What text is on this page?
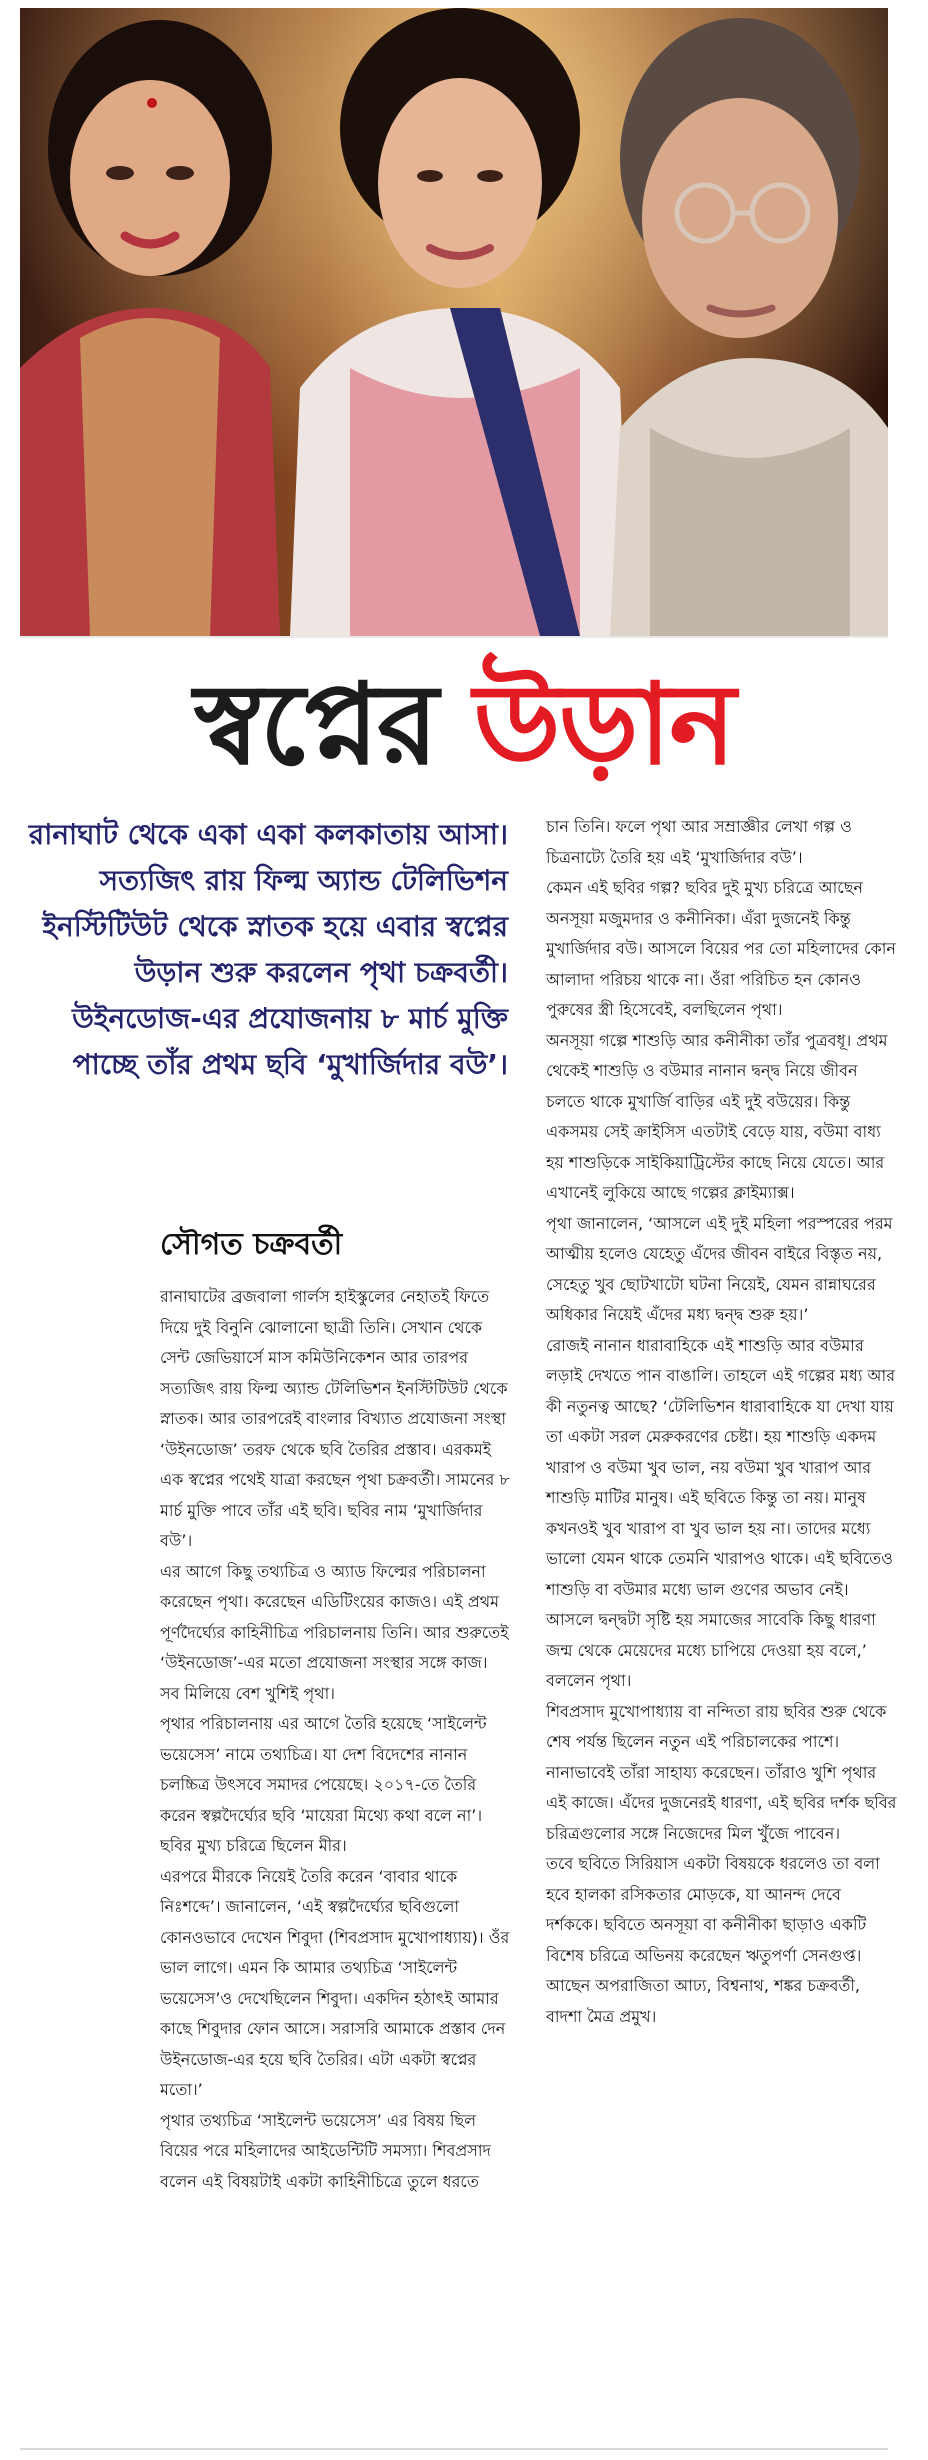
স্বপ্নের উড়ান

রানাঘাট থেকে একা একা কলকাতায় আসা। সত্যজিৎ রায় ফিল্ম অ্যান্ড টেলিভিশন ইনস্টিটিউট থেকে স্নাতক হয়ে এবার স্বপ্নের উড়ান শুরু করলেন পৃথা চক্রবর্তী। উইনডোজ-এর প্রযোজনায় ৮ মার্চ মুক্তি পাচ্ছে তাঁর প্রথম ছবি ‘মুখার্জিদার বউ’।

সৌগত চক্রবর্তী

রানাঘাটের ব্রজবালা গার্লস হাইস্কুলের নেহাতই ফিতে দিয়ে দুই বিনুনি ঝোলানো ছাত্রী তিনি। সেখান থেকে সেন্ট জেভিয়ার্সে মাস কমিউনিকেশন আর তারপর সত্যজিৎ রায় ফিল্ম অ্যান্ড টেলিভিশন ইনস্টিটিউট থেকে স্নাতক। আর তারপরেই বাংলার বিখ্যাত প্রযোজনা সংস্থা ‘উইনডোজ’ তরফ থেকে ছবি তৈরির প্রস্তাব। এরকমই এক স্বপ্নের পথেই যাত্রা করছেন পৃথা চক্রবর্তী। সামনের ৮ মার্চ মুক্তি পাবে তাঁর এই ছবি। ছবির নাম ‘মুখার্জিদার বউ’।

এর আগে কিছু তথ্যচিত্র ও অ্যাড ফিল্মের পরিচালনা করেছেন পৃথা। করেছেন এডিটিংয়ের কাজও। এই প্রথম পূর্ণদৈর্ঘ্যের কাহিনীচিত্র পরিচালনায় তিনি। আর শুরুতেই ‘উইনডোজ’-এর মতো প্রযোজনা সংস্থার সঙ্গে কাজ। সব মিলিয়ে বেশ খুশিই পৃথা।

পৃথার পরিচালনায় এর আগে তৈরি হয়েছে ‘সাইলেন্ট ভয়েসেস’ নামে তথ্যচিত্র। যা দেশ বিদেশের নানান চলচ্চিত্র উৎসবে সমাদর পেয়েছে। ২০১৭-তে তৈরি করেন স্বল্পদৈর্ঘ্যের ছবি ‘মায়েরা মিথ্যে কথা বলে না’। ছবির মুখ্য চরিত্রে ছিলেন মীর।

এরপরে মীরকে নিয়েই তৈরি করেন ‘বাবার থাকে নিঃশব্দে’। জানালেন, ‘এই স্বল্পদৈর্ঘ্যের ছবিগুলো কোনওভাবে দেখেন শিবুদা (শিবপ্রসাদ মুখোপাধ্যায়)। ওঁর ভাল লাগে। এমন কি আমার তথ্যচিত্র ‘সাইলেন্ট ভয়েসেস’ও দেখেছিলেন শিবুদা। একদিন হঠাৎই আমার কাছে শিবুদার ফোন আসে। সরাসরি আমাকে প্রস্তাব দেন উইনডোজ-এর হয়ে ছবি তৈরির। এটা একটা স্বপ্নের মতো।’

পৃথার তথ্যচিত্র ‘সাইলেন্ট ভয়েসেস’ এর বিষয় ছিল বিয়ের পরে মহিলাদের আইডেন্টিটি সমস্যা। শিবপ্রসাদ বলেন এই বিষয়টাই একটা কাহিনীচিত্রে তুলে ধরতে

চান তিনি। ফলে পৃথা আর সম্রাজ্ঞীর লেখা গল্প ও চিত্রনাট্যে তৈরি হয় এই ‘মুখার্জিদার বউ’।

কেমন এই ছবির গল্প? ছবির দুই মুখ্য চরিত্রে আছেন অনসূয়া মজুমদার ও কনীনিকা। এঁরা দুজনেই কিন্তু মুখার্জিদার বউ। আসলে বিয়ের পর তো মহিলাদের কোন আলাদা পরিচয় থাকে না। ওঁরা পরিচিত হন কোনও পুরুষের স্ত্রী হিসেবেই, বলছিলেন পৃথা।

অনসূয়া গল্পে শাশুড়ি আর কনীনীকা তাঁর পুত্রবধূ। প্রথম থেকেই শাশুড়ি ও বউমার নানান দ্বন্দ্ব নিয়ে জীবন চলতে থাকে মুখার্জি বাড়ির এই দুই বউয়ের। কিন্তু একসময় সেই ক্রাইসিস এতটাই বেড়ে যায়, বউমা বাধ্য হয় শাশুড়িকে সাইকিয়াট্রিস্টের কাছে নিয়ে যেতে। আর এখানেই লুকিয়ে আছে গল্পের ক্লাইম্যাক্স।

পৃথা জানালেন, ‘আসলে এই দুই মহিলা পরস্পরের পরম আত্মীয় হলেও যেহেতু এঁদের জীবন বাইরে বিস্তৃত নয়, সেহেতু খুব ছোটখাটো ঘটনা নিয়েই, যেমন রান্নাঘরের অধিকার নিয়েই এঁদের মধ্য দ্বন্দ্ব শুরু হয়।’

রোজই নানান ধারাবাহিকে এই শাশুড়ি আর বউমার লড়াই দেখতে পান বাঙালি। তাহলে এই গল্পের মধ্য আর কী নতুনত্ব আছে? ‘টেলিভিশন ধারাবাহিকে যা দেখা যায় তা একটা সরল মেরুকরণের চেষ্টা। হয় শাশুড়ি একদম খারাপ ও বউমা খুব ভাল, নয় বউমা খুব খারাপ আর শাশুড়ি মাটির মানুষ। এই ছবিতে কিন্তু তা নয়। মানুষ কখনওই খুব খারাপ বা খুব ভাল হয় না। তাদের মধ্যে ভালো যেমন থাকে তেমনি খারাপও থাকে। এই ছবিতেও শাশুড়ি বা বউমার মধ্যে ভাল গুণের অভাব নেই। আসলে দ্বন্দ্বটা সৃষ্টি হয় সমাজের সাবেকি কিছু ধারণা জন্ম থেকে মেয়েদের মধ্যে চাপিয়ে দেওয়া হয় বলে,’ বললেন পৃথা।

শিবপ্রসাদ মুখোপাধ্যায় বা নন্দিতা রায় ছবির শুরু থেকে শেষ পর্যন্ত ছিলেন নতুন এই পরিচালকের পাশে। নানাভাবেই তাঁরা সাহায্য করেছেন। তাঁরাও খুশি পৃথার এই কাজে। এঁদের দুজনেরই ধারণা, এই ছবির দর্শক ছবির চরিত্রগুলোর সঙ্গে নিজেদের মিল খুঁজে পাবেন।

তবে ছবিতে সিরিয়াস একটা বিষয়কে ধরলেও তা বলা হবে হালকা রসিকতার মোড়কে, যা আনন্দ দেবে দর্শককে। ছবিতে অনসূয়া বা কনীনীকা ছাড়াও একটি বিশেষ চরিত্রে অভিনয় করেছেন ঋতুপর্ণা সেনগুপ্ত। আছেন অপরাজিতা আঢ্য, বিশ্বনাথ, শঙ্কর চক্রবর্তী, বাদশা মৈত্র প্রমুখ।
